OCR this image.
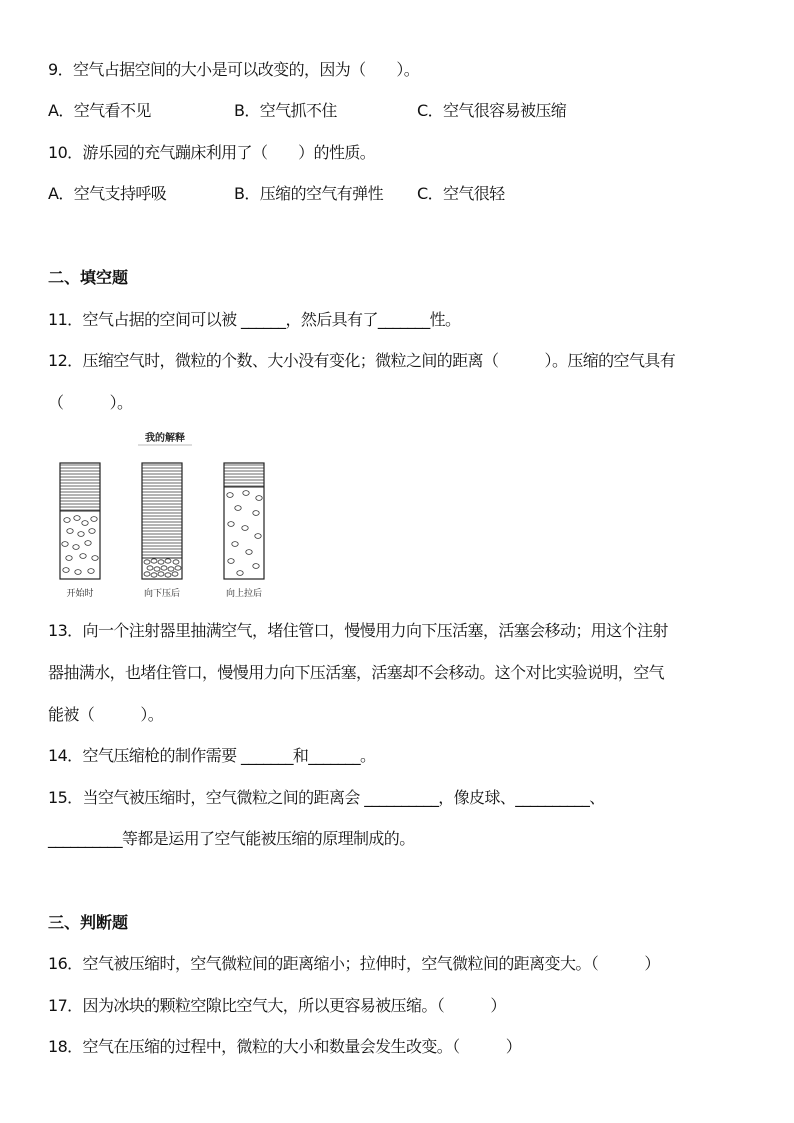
9．空气占据空间的大小是可以改变的，因为（　　）。
A．空气看不见	B．空气抓不住	C．空气很容易被压缩
10．游乐园的充气蹦床利用了（　　）的性质。
A．空气支持呼吸	B．压缩的空气有弹性 C．空气很轻
二、填空题
11．空气占据的空间可以被 ______，然后具有了_______性。
12．压缩空气时，微粒的个数、大小没有变化；微粒之间的距离（　　　）。压缩的空气具有
（　　　）。
我的解释
开始时	向下压后	向上拉后
13．向一个注射器里抽满空气，堵住管口，慢慢用力向下压活塞，活塞会移动；用这个注射
器抽满水，也堵住管口，慢慢用力向下压活塞，活塞却不会移动。这个对比实验说明，空气
能被（　　　）。
14．空气压缩枪的制作需要 _______和_______。
15．当空气被压缩时，空气微粒之间的距离会 __________，像皮球、__________、
__________等都是运用了空气能被压缩的原理制成的。
三、判断题
16．空气被压缩时，空气微粒间的距离缩小；拉伸时，空气微粒间的距离变大。（　　　）
17．因为冰块的颗粒空隙比空气大，所以更容易被压缩。（　　　）
18．空气在压缩的过程中，微粒的大小和数量会发生改变。（　　　）
